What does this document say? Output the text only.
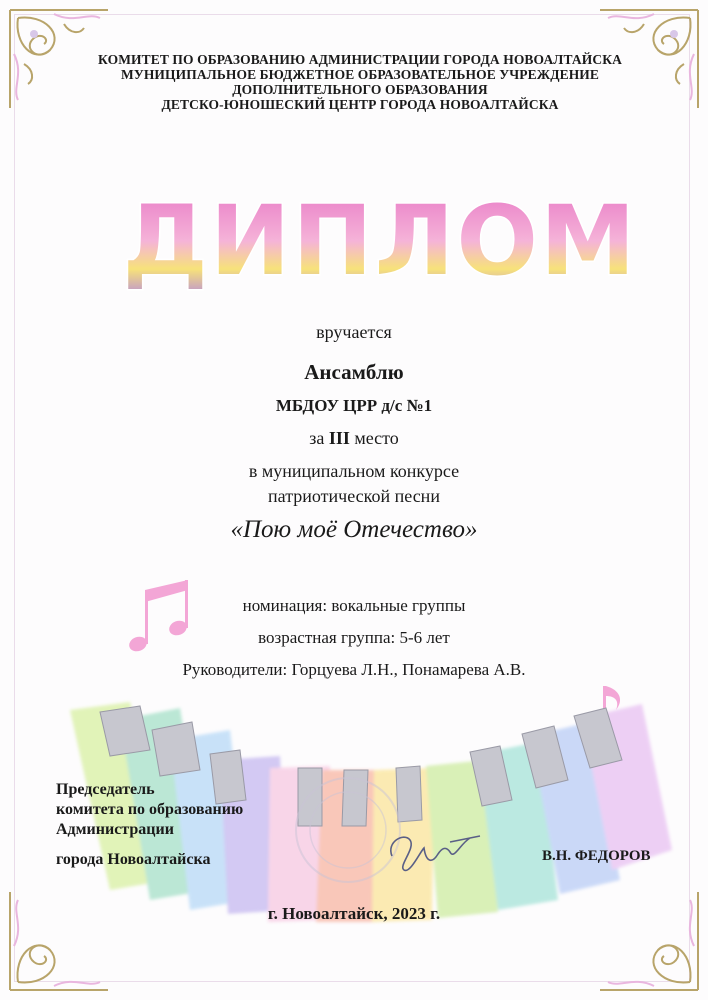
КОМИТЕТ ПО ОБРАЗОВАНИЮ АДМИНИСТРАЦИИ ГОРОДА НОВОАЛТАЙСКА
МУНИЦИПАЛЬНОЕ БЮДЖЕТНОЕ ОБРАЗОВАТЕЛЬНОЕ УЧРЕЖДЕНИЕ
ДОПОЛНИТЕЛЬНОГО ОБРАЗОВАНИЯ
ДЕТСКО-ЮНОШЕСКИЙ ЦЕНТР ГОРОДА НОВОАЛТАЙСКА
ДИПЛОМ
вручается
Ансамблю
МБДОУ ЦРР д/с №1
за III место
в муниципальном конкурсе
патриотической песни
«Пою моё Отечество»
номинация: вокальные группы
возрастная группа: 5-6 лет
Руководители: Горцуева Л.Н., Понамарева А.В.
Председатель
комитета по образованию
Администрации
города Новоалтайска	В.Н. ФЕДОРОВ
г. Новоалтайск, 2023 г.
